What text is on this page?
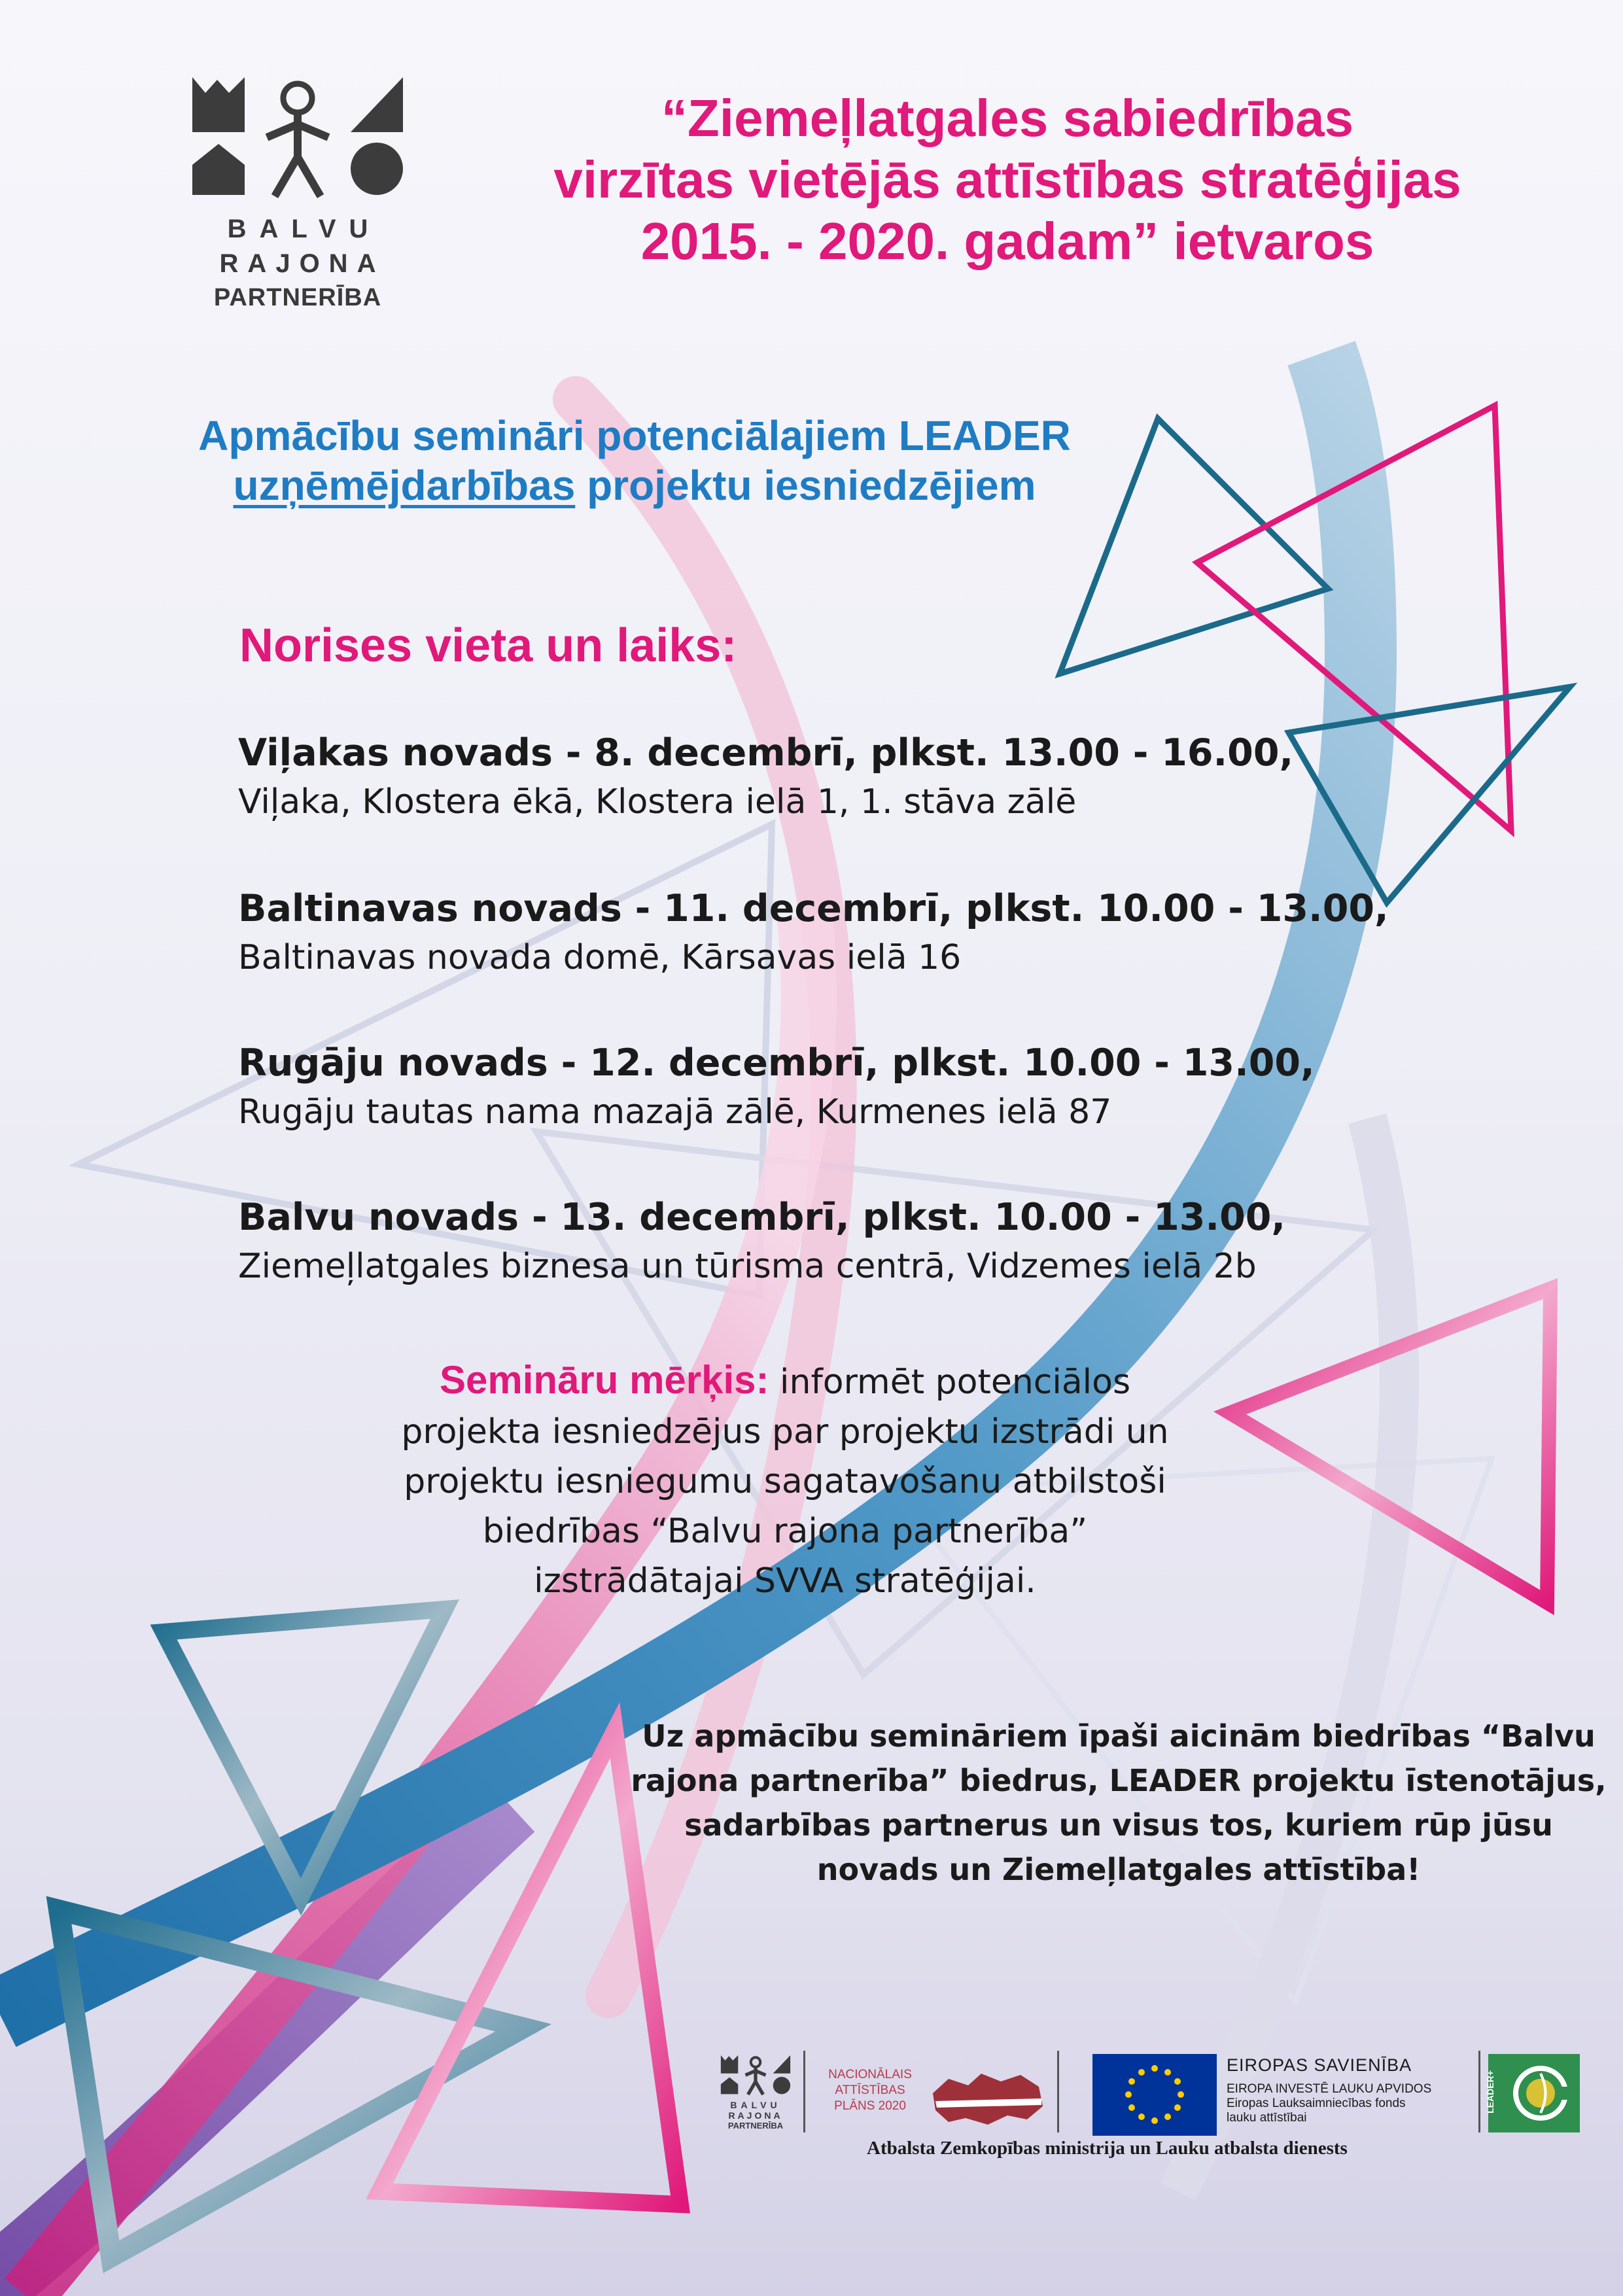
BALVU
RAJONA
PARTNERĪBA
“Ziemeļlatgales sabiedrības
virzītas vietējās attīstības stratēģijas
2015. - 2020. gadam” ietvaros
Apmācību semināri potenciālajiem LEADER
uzņēmējdarbības projektu iesniedzējiem
Norises vieta un laiks:
Viļakas novads - 8. decembrī, plkst. 13.00 - 16.00,
Viļaka, Klostera ēkā, Klostera ielā 1, 1. stāva zālē
Baltinavas novads - 11. decembrī, plkst. 10.00 - 13.00,
Baltinavas novada domē, Kārsavas ielā 16
Rugāju novads - 12. decembrī, plkst. 10.00 - 13.00,
Rugāju tautas nama mazajā zālē, Kurmenes ielā 87
Balvu novads - 13. decembrī, plkst. 10.00 - 13.00,
Ziemeļlatgales biznesa un tūrisma centrā, Vidzemes ielā 2b
Semināru mērķis: informēt potenciālos
projekta iesniedzējus par projektu izstrādi un
projektu iesniegumu sagatavošanu atbilstoši
biedrības “Balvu rajona partnerība”
izstrādātajai SVVA stratēģijai.
Uz apmācību semināriem īpaši aicinām biedrības “Balvu
rajona partnerība” biedrus, LEADER projektu īstenotājus,
sadarbības partnerus un visus tos, kuriem rūp jūsu
novads un Ziemeļlatgales attīstība!
BALVU
RAJONA
PARTNERĪBA
NACIONĀLAIS
ATTĪSTĪBAS
PLĀNS 2020
EIROPAS SAVIENĪBA
EIROPA INVESTĒ LAUKU APVIDOS
Eiropas Lauksaimniecības fonds
lauku attīstībai
LEADER+
Atbalsta Zemkopības ministrija un Lauku atbalsta dienests
